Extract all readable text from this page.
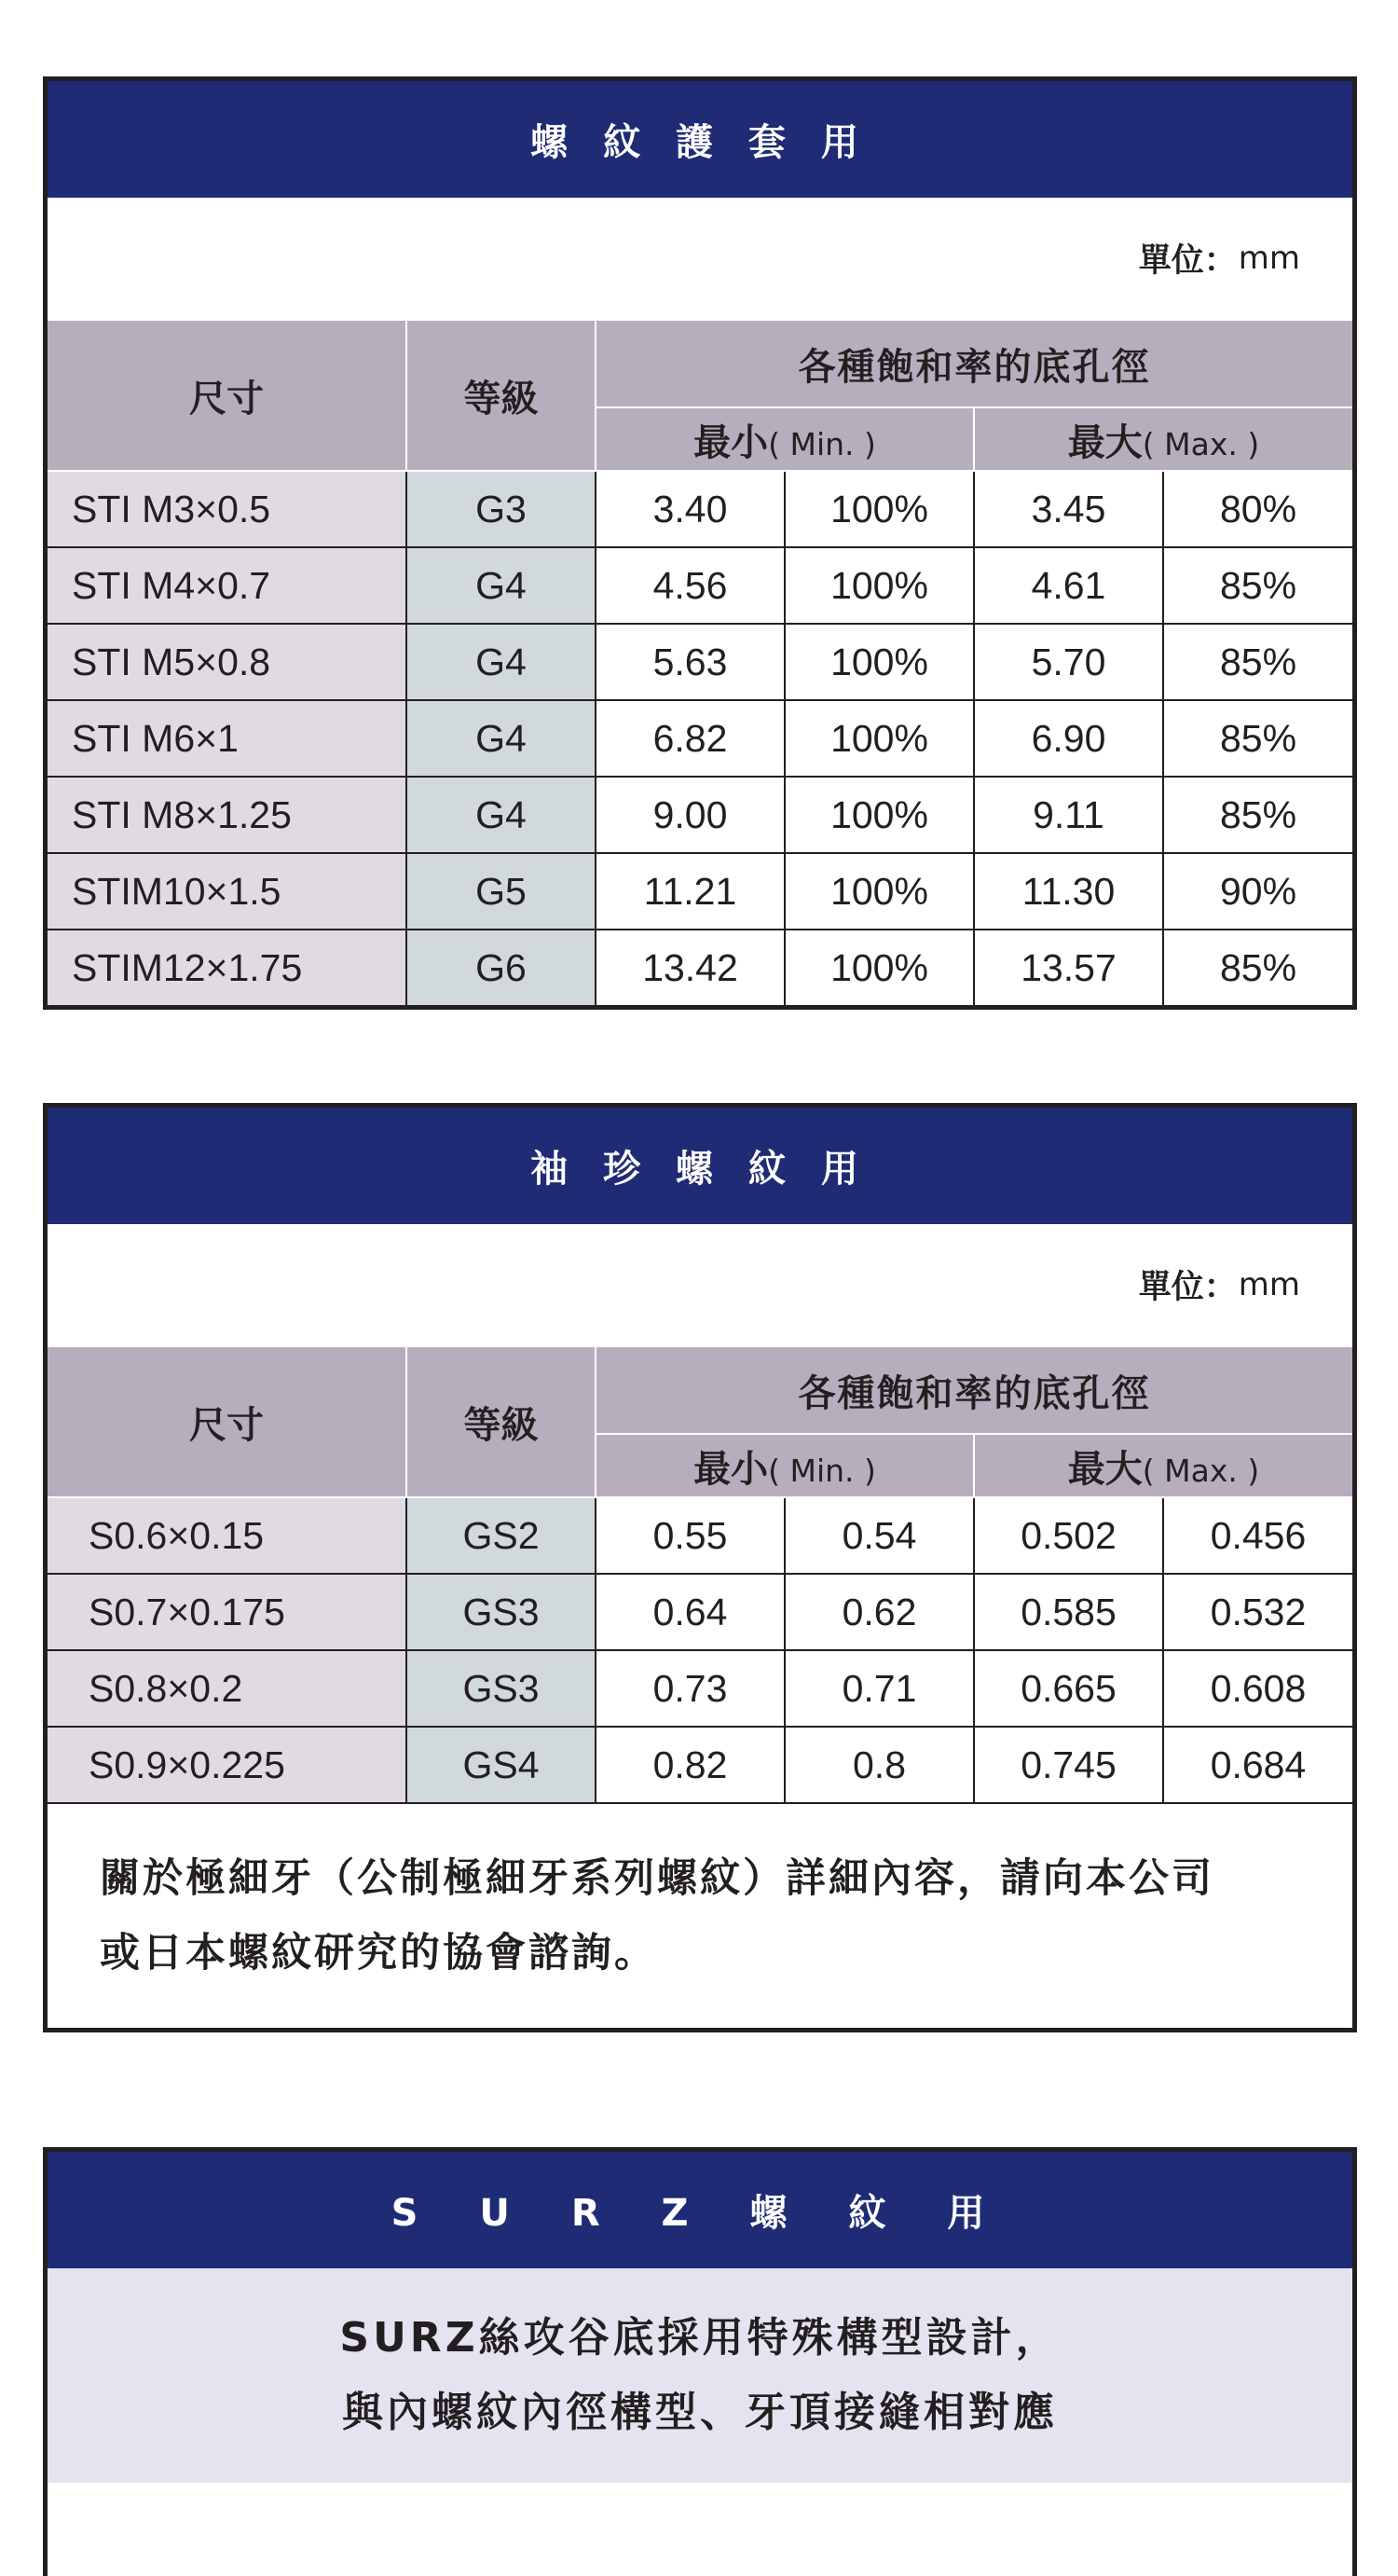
螺 紋 護 套 用
單位： mm
尺寸	等級	各種飽和率的底孔徑			
		最小( Min. )		最大( Max. )	
STI M3×0.5	G3	3.40	100%	3.45	80%
STI M4×0.7	G4	4.56	100%	4.61	85%
STI M5×0.8	G4	5.63	100%	5.70	85%
STI M6×1	G4	6.82	100%	6.90	85%
STI M8×1.25	G4	9.00	100%	9.11	85%
STIM10×1.5	G5	11.21	100%	11.30	90%
STIM12×1.75	G6	13.42	100%	13.57	85%
袖 珍 螺 紋 用
單位： mm
尺寸	等級	各種飽和率的底孔徑			
		最小( Min. )		最大( Max. )	
S0.6×0.15	GS2	0.55	0.54	0.502	0.456
S0.7×0.175	GS3	0.64	0.62	0.585	0.532
S0.8×0.2	GS3	0.73	0.71	0.665	0.608
S0.9×0.225	GS4	0.82	0.8	0.745	0.684
關於極細牙（公制極細牙系列螺紋）詳細內容，請向本公司
或日本螺紋研究的協會諮詢。
S U R Z 螺 紋 用
SURZ絲攻谷底採用特殊構型設計，
與內螺紋內徑構型、牙頂接縫相對應
